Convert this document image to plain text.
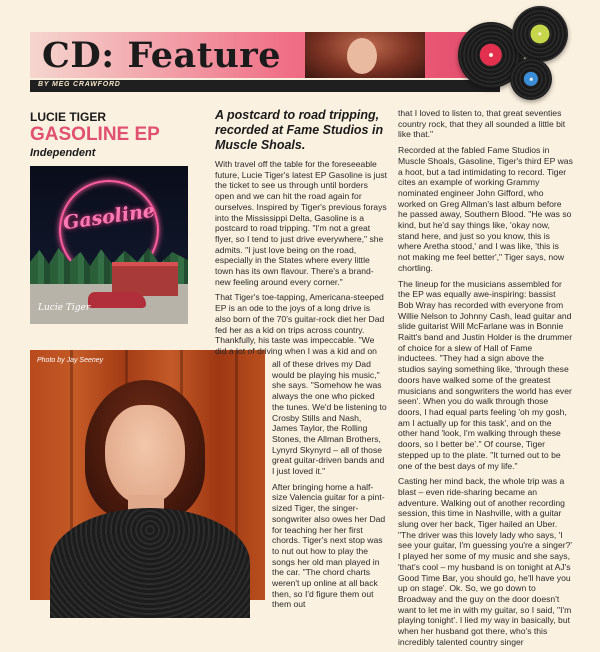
CD: Feature
BY MEG CRAWFORD
LUCIE TIGER
GASOLINE EP
Independent
Gasoline
Lucie Tiger
Photo by Jay Seeney
A postcard to road tripping, recorded at Fame Studios in Muscle Shoals.

With travel off the table for the foreseeable future, Lucie Tiger's latest EP Gasoline is just the ticket to see us through until borders open and we can hit the road again for ourselves. Inspired by Tiger's previous forays into the Mississippi Delta, Gasoline is a postcard to road tripping. "I'm not a great flyer, so I tend to just drive everywhere," she admits. "I just love being on the road, especially in the States where every little town has its own flavour. There's a brand-new feeling around every corner."

That Tiger's toe-tapping, Americana-steeped EP is an ode to the joys of a long drive is also born of the 70's guitar-rock diet her Dad fed her as a kid on trips across country. Thankfully, his taste was impeccable. "We did a lot of driving when I was a kid and on

all of these drives my Dad would be playing his music," she says. "Somehow he was always the one who picked the tunes. We'd be listening to Crosby Stills and Nash, James Taylor, the Rolling Stones, the Allman Brothers, Lynyrd Skynyrd – all of those great guitar-driven bands and I just loved it."

After bringing home a half-size Valencia guitar for a pint-sized Tiger, the singer-songwriter also owes her Dad for teaching her her first chords. Tiger's next stop was to nut out how to play the songs her old man played in the car. "The chord charts weren't up online at all back then, so I'd figure them out them out

that I loved to listen to, that great seventies country rock, that they all sounded a little bit like that."

Recorded at the fabled Fame Studios in Muscle Shoals, Gasoline, Tiger's third EP was a hoot, but a tad intimidating to record. Tiger cites an example of working Grammy nominated engineer John Gifford, who worked on Greg Allman's last album before he passed away, Southern Blood. "He was so kind, but he'd say things like, 'okay now, stand here, and just so you know, this is where Aretha stood,' and I was like, 'this is not making me feel better'," Tiger says, now chortling.

The lineup for the musicians assembled for the EP was equally awe-inspiring: bassist Bob Wray has recorded with everyone from Willie Nelson to Johnny Cash, lead guitar and slide guitarist Will McFarlane was in Bonnie Raitt's band and Justin Holder is the drummer of choice for a slew of Hall of Fame inductees. "They had a sign above the studios saying something like, 'through these doors have walked some of the greatest musicians and songwriters the world has ever seen'. When you do walk through those doors, I had equal parts feeling 'oh my gosh, am I actually up for this task', and on the other hand 'look, I'm walking through these doors, so I better be'." Of course, Tiger stepped up to the plate. "It turned out to be one of the best days of my life."

Casting her mind back, the whole trip was a blast – even ride-sharing became an adventure. Walking out of another recording session, this time in Nashville, with a guitar slung over her back, Tiger hailed an Uber. "The driver was this lovely lady who says, 'I see your guitar, I'm guessing you're a singer?' I played her some of my music and she says, 'that's cool – my husband is on tonight at AJ's Good Time Bar, you should go, he'll have you up on stage'. Ok. So, we go down to Broadway and the guy on the door doesn't want to let me in with my guitar, so I said, "I'm playing tonight'. I lied my way in basically, but when her husband got there, who's this incredibly talented country singer
